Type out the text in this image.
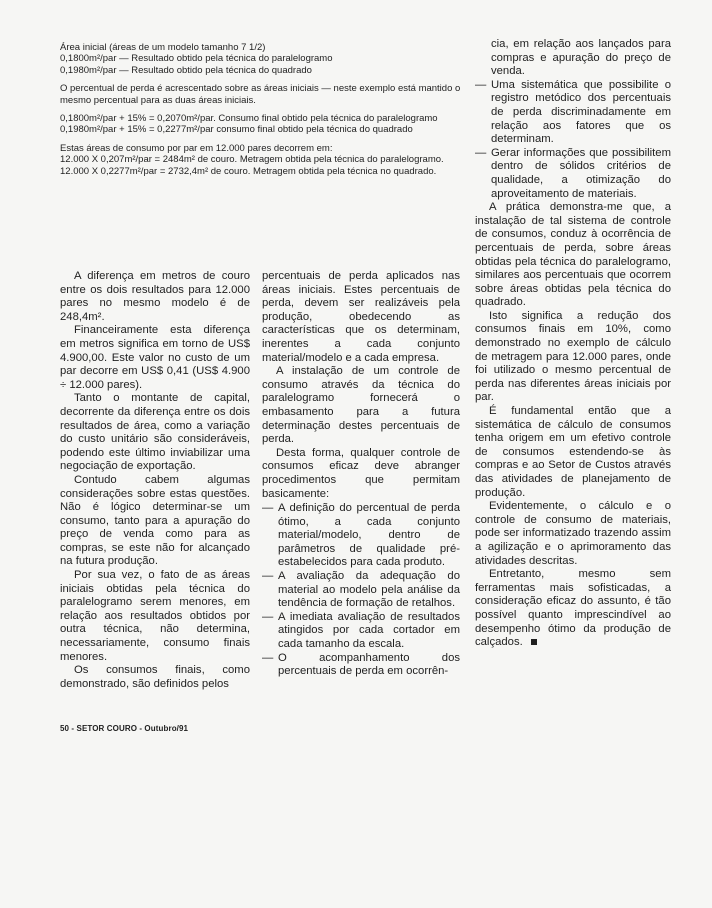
Área inicial (áreas de um modelo tamanho 7 1/2)
0,1800m²/par — Resultado obtido pela técnica do paralelogramo
0,1980m²/par — Resultado obtido pela técnica do quadrado

O percentual de perda é acrescentado sobre as áreas iniciais — neste exemplo está mantido o mesmo percentual para as duas áreas iniciais.

0,1800m²/par + 15% = 0,2070m²/par. Consumo final obtido pela técnica do paralelogramo
0,1980m²/par + 15% = 0,2277m²/par consumo final obtido pela técnica do quadrado

Estas áreas de consumo por par em 12.000 pares decorrem em:
12.000 X 0,207m²/par = 2484m² de couro. Metragem obtida pela técnica do paralelogramo.
12.000 X 0,2277m²/par = 2732,4m² de couro. Metragem obtida pela técnica no quadrado.

A diferença em metros de couro entre os dois resultados para 12.000 pares no mesmo modelo é de 248,4m².

Financeiramente esta diferença em metros significa em torno de US$ 4.900,00. Este valor no custo de um par decorre em US$ 0,41 (US$ 4.900 ÷ 12.000 pares).

Tanto o montante de capital, decorrente da diferença entre os dois resultados de área, como a variação do custo unitário são consideráveis, podendo este último inviabilizar uma negociação de exportação.

Contudo cabem algumas considerações sobre estas questões. Não é lógico determinar-se um consumo, tanto para a apuração do preço de venda como para as compras, se este não for alcançado na futura produção.

Por sua vez, o fato de as áreas iniciais obtidas pela técnica do paralelogramo serem menores, em relação aos resultados obtidos por outra técnica, não determina, necessariamente, consumo finais menores.

Os consumos finais, como demonstrado, são definidos pelos

percentuais de perda aplicados nas áreas iniciais. Estes percentuais de perda, devem ser realizáveis pela produção, obedecendo as características que os determinam, inerentes a cada conjunto material/modelo e a cada empresa.

A instalação de um controle de consumo através da técnica do paralelogramo fornecerá o embasamento para a futura determinação destes percentuais de perda.

Desta forma, qualquer controle de consumos eficaz deve abranger procedimentos que permitam basicamente:

— A definição do percentual de perda ótimo, a cada conjunto material/modelo, dentro de parâmetros de qualidade pré-estabelecidos para cada produto.
— A avaliação da adequação do material ao modelo pela análise da tendência de formação de retalhos.
— A imediata avaliação de resultados atingidos por cada cortador em cada tamanho da escala.
— O acompanhamento dos percentuais de perda em ocorrên-

cia, em relação aos lançados para compras e apuração do preço de venda.

— Uma sistemática que possibilite o registro metódico dos percentuais de perda discriminadamente em relação aos fatores que os determinam.
— Gerar informações que possibilitem dentro de sólidos critérios de qualidade, a otimização do aproveitamento de materiais.

A prática demonstra-me que, a instalação de tal sistema de controle de consumos, conduz à ocorrência de percentuais de perda, sobre áreas obtidas pela técnica do paralelogramo, similares aos percentuais que ocorrem sobre áreas obtidas pela técnica do quadrado.

Isto significa a redução dos consumos finais em 10%, como demonstrado no exemplo de cálculo de metragem para 12.000 pares, onde foi utilizado o mesmo percentual de perda nas diferentes áreas iniciais por par.

É fundamental então que a sistemática de cálculo de consumos tenha origem em um efetivo controle de consumos estendendo-se às compras e ao Setor de Custos através das atividades de planejamento de produção.

Evidentemente, o cálculo e o controle de consumo de materiais, pode ser informatizado trazendo assim a agilização e o aprimoramento das atividades descritas.

Entretanto, mesmo sem ferramentas mais sofisticadas, a consideração eficaz do assunto, é tão possível quanto imprescindível ao desempenho ótimo da produção de calçados.

50 - SETOR COURO - Outubro/91
